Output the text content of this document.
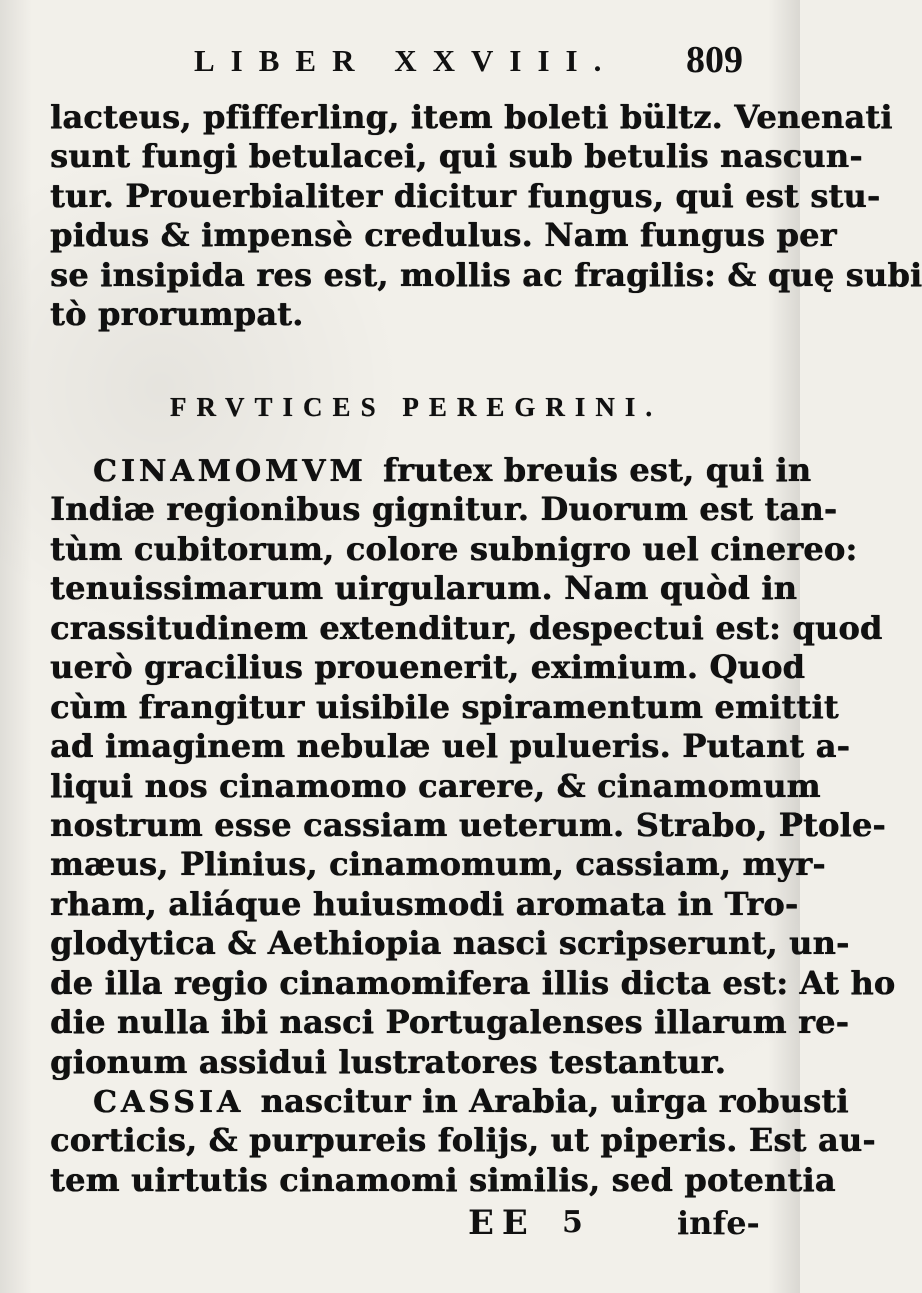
LIBER XXVIII. 809
lacteus, pfifferling, item boleti bültz. Venenati
sunt fungi betulacei, qui sub betulis nascun-
tur. Prouerbialiter dicitur fungus, qui est stu-
pidus & impensè credulus. Nam fungus per
se insipida res est, mollis ac fragilis: & quę subi
tò prorumpat.
FRVTICES PEREGRINI.
CINAMOMVM frutex breuis est, qui in
Indiæ regionibus gignitur. Duorum est tan-
tùm cubitorum, colore subnigro uel cinereo:
tenuissimarum uirgularum. Nam quòd in
crassitudinem extenditur, despectui est: quod
uerò gracilius prouenerit, eximium. Quod
cùm frangitur uisibile spiramentum emittit
ad imaginem nebulæ uel pulueris. Putant a-
liqui nos cinamomo carere, & cinamomum
nostrum esse cassiam ueterum. Strabo, Ptole-
mæus, Plinius, cinamomum, cassiam, myr-
rham, aliáque huiusmodi aromata in Tro-
glodytica & Aethiopia nasci scripserunt, un-
de illa regio cinamomifera illis dicta est: At ho
die nulla ibi nasci Portugalenses illarum re-
gionum assidui lustratores testantur.
CASSIA nascitur in Arabia, uirga robusti
corticis, & purpureis folijs, ut piperis. Est au-
tem uirtutis cinamomi similis, sed potentia
EE 5	infe-
